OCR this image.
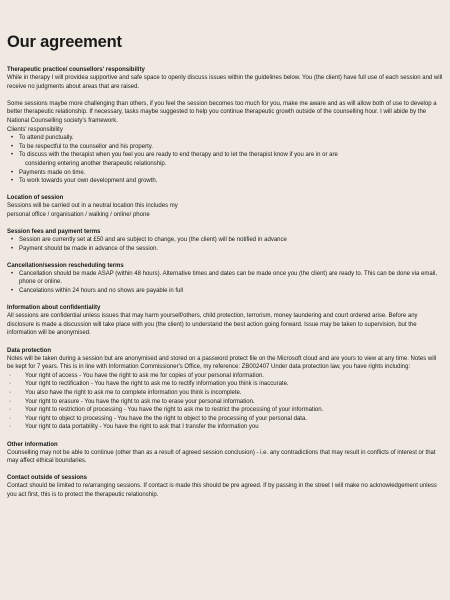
Our agreement
Therapeutic practice/ counsellors' responsibility

While in therapy I will providea supportive and safe space to openly discuss issues within the guidelines below. You (the client) have full use of each session and will receive no judgments about areas that are raised.

Some sessions maybe more challenging than others, if you feel the session becomes too much for you, make me aware and as will allow both of use to develop a better therapeutic relationship. If necessary, tasks maybe suggested to help you continue therapeutic growth outside of the counselling hour. I will abide by the National Counselling society's framework.

Clients' responsibility

• To attend punctually.
• To be respectful to the counsellor and his property.
• To discuss with the therapist when you feel you are ready to end therapy and to let the therapist know if you are in or are
considering entering another therapeutic relationship.
• Payments made on time.
• To work towards your own development and growth.
Location of session

Sessions will be carried out in a neutral location this includes my

personal office / organisation / walking / online/ phone

Session fees and payment terms
• Session are currently set at £50 and are subject to change, you (the client) will be notified in advance
• Payment should be made in advance of the session.
Cancellation/session rescheduling terms
• Cancellation should be made ASAP (within 48 hours). Alternative times and dates can be made once you (the client) are ready to. This can be done via email, phone or online.
• Cancelations within 24 hours and no shows are payable in full
Information about confidentiality

All sessions are confidential unless issues that may harm yourself/others, child protection, terrorism, money laundering and court ordered arise. Before any disclosure is made a discussion will take place with you (the client) to understand the best action going forward. Issue may be taken to supervision, but the information will be anonymised.

Data protection

Notes will be taken during a session but are anonymised and stored on a password protect file on the Microsoft cloud and are yours to view at any time. Notes will be kept for 7 years. This is in line with Information Commissioner's Office, my reference: ZB002407 Under data protection law, you have rights including:

· Your right of access - You have the right to ask me for copies of your personal information.
· Your right to rectification - You have the right to ask me to rectify information you think is inaccurate.
· You also have the right to ask me to complete information you think is incomplete.
· Your right to erasure - You have the right to ask me to erase your personal information.
· Your right to restriction of processing - You have the right to ask me to restrict the processing of your information.
· Your right to object to processing - You have the the right to object to the processing of your personal data.
· Your right to data portability - You have the right to ask that I transfer the information you
Other information

Counselling may not be able to continue (other than as a result of agreed session conclusion) - i.e. any contradictions that may result in conflicts of interest or that may affect ethical boundaries.

Contact outside of sessions

Contact should be limited to re/arranging sessions. If contact is made this should be pre agreed. If by passing in the street I will make no acknowledgement unless you act first, this is to protect the therapeutic relationship.
